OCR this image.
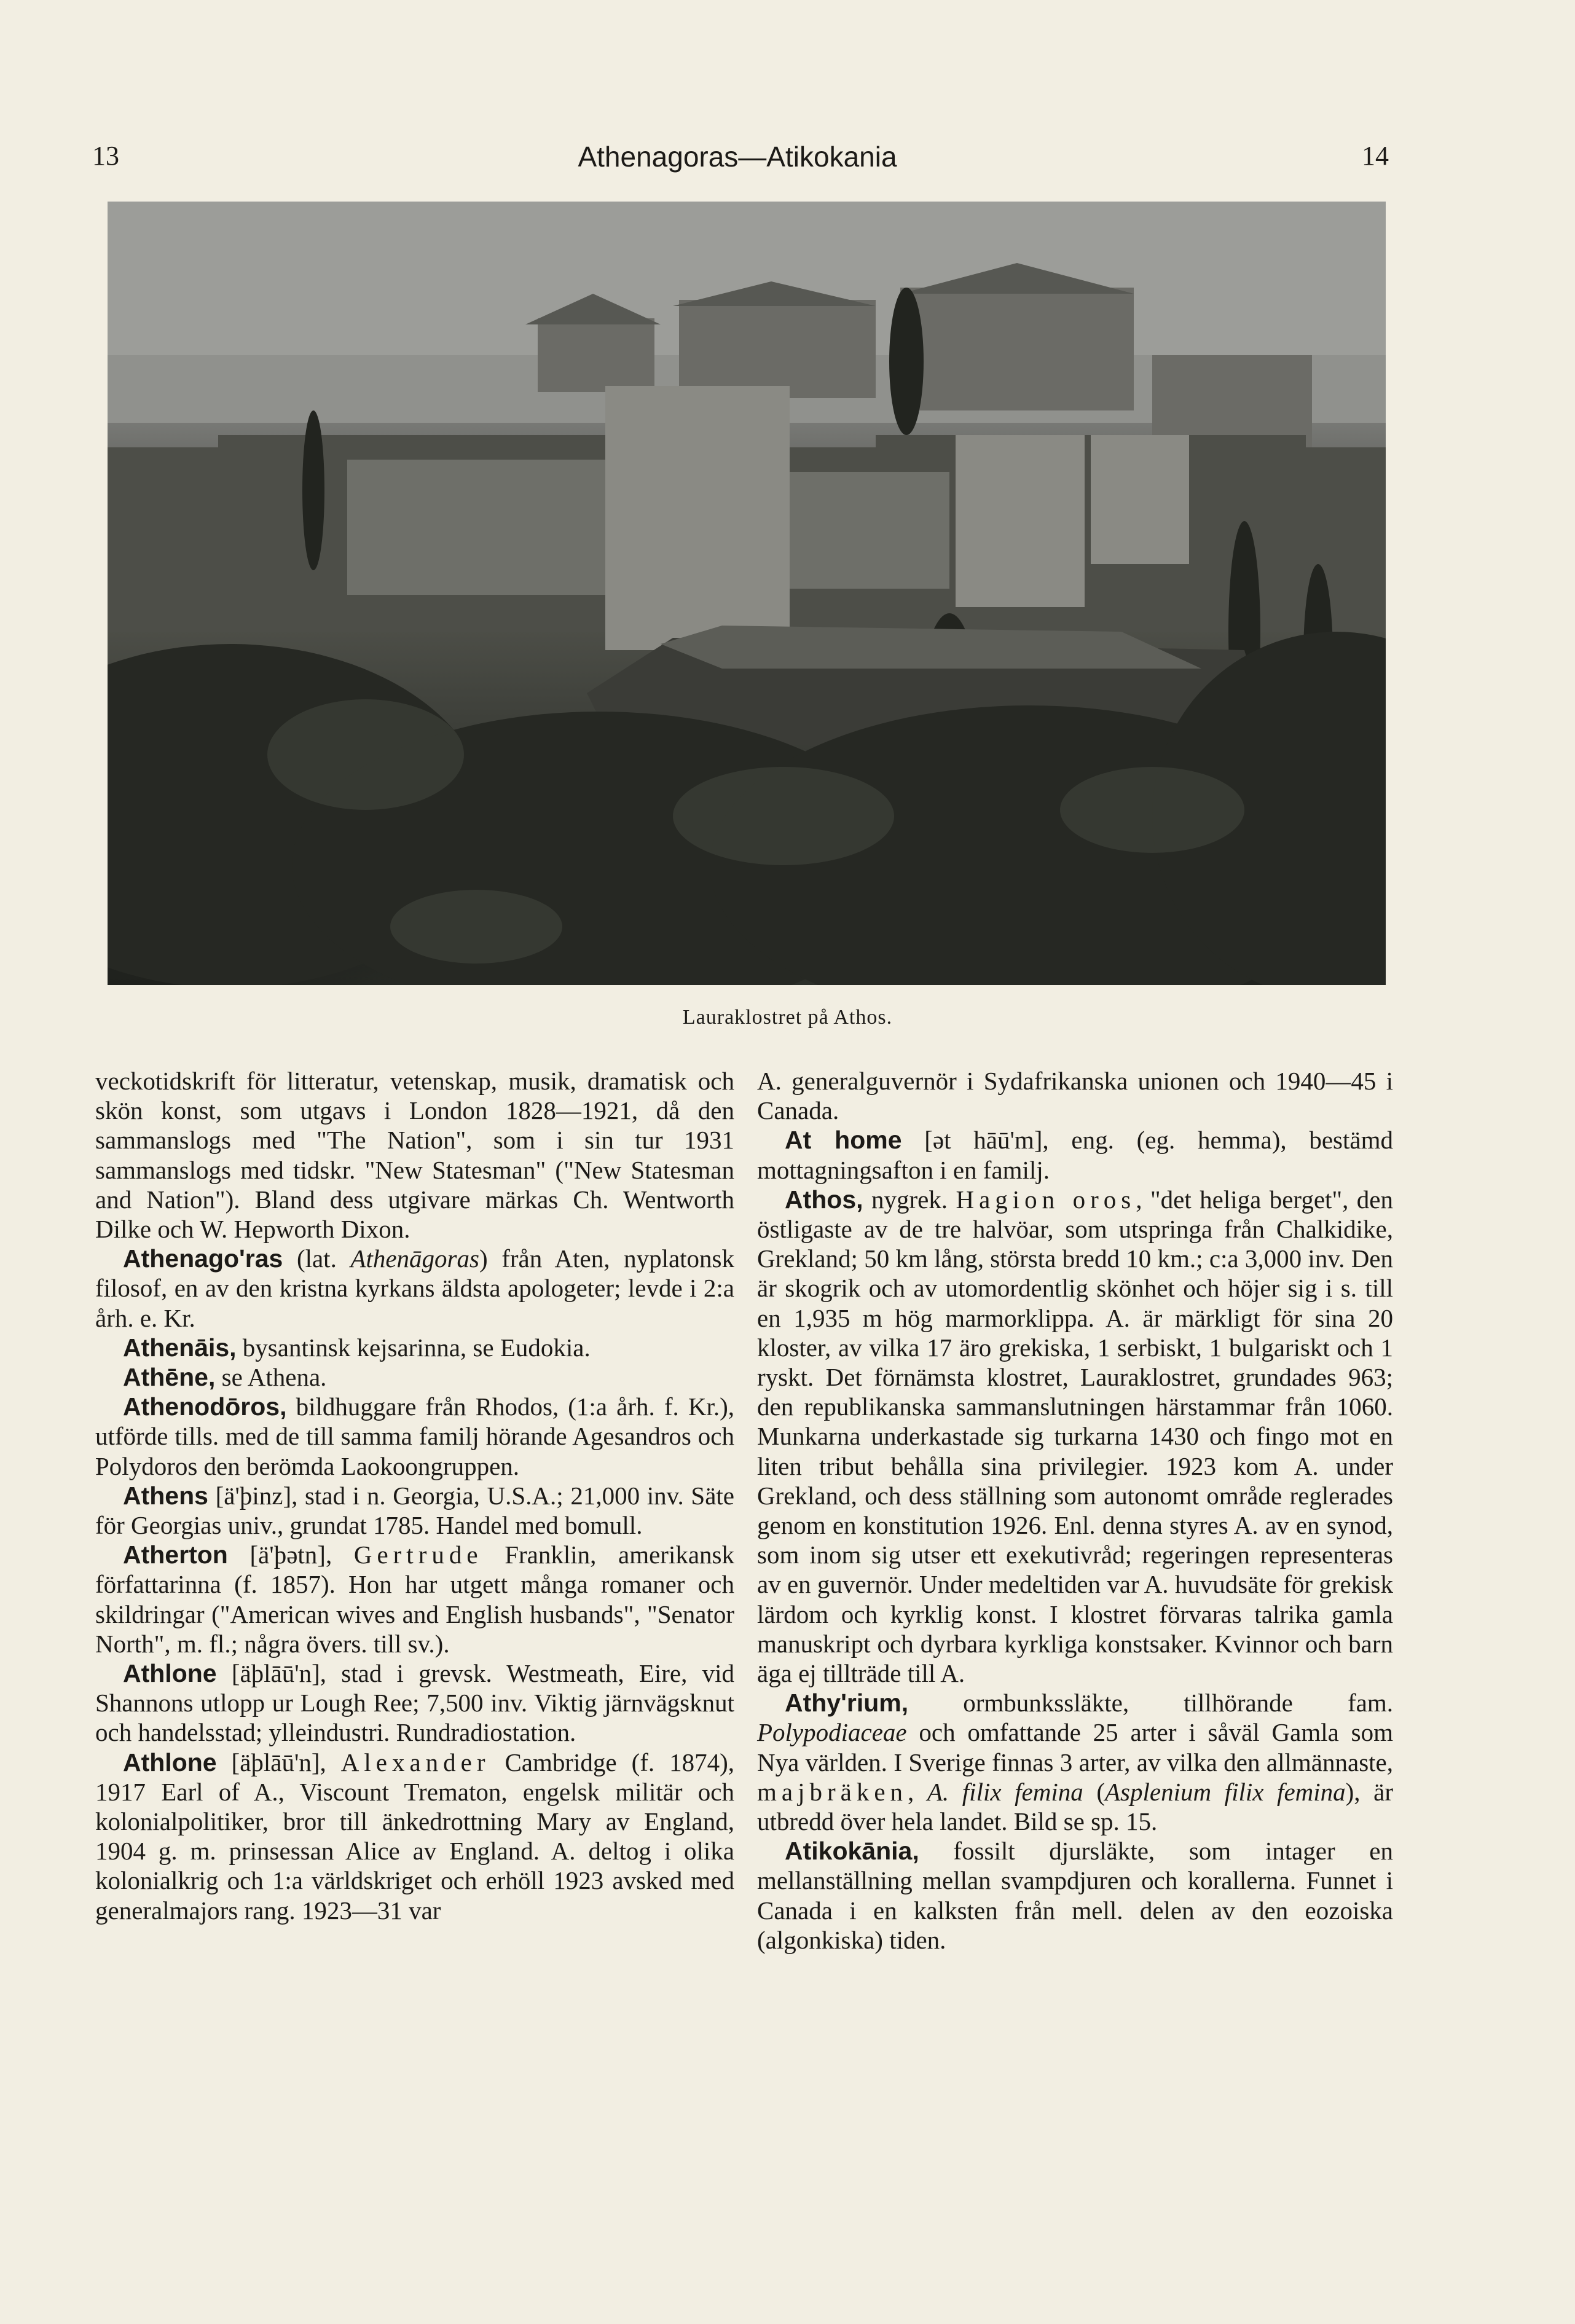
13	Athenagoras—Atikokania	14
Lauraklostret på Athos.

veckotidskrift för litteratur, vetenskap, musik, dramatisk och skön konst, som utgavs i London 1828—1921, då den sammanslogs med "The Nation", som i sin tur 1931 sammanslogs med tidskr. "New Statesman" ("New Statesman and Nation"). Bland dess utgivare märkas Ch. Wentworth Dilke och W. Hepworth Dixon.

Athenago'ras (lat. Athenāgoras) från Aten, nyplatonsk filosof, en av den kristna kyrkans äldsta apologeter; levde i 2:a årh. e. Kr.

Athenāis, bysantinsk kejsarinna, se Eudokia.

Athēne, se Athena.

Athenodōros, bildhuggare från Rhodos, (1:a årh. f. Kr.), utförde tills. med de till samma familj hörande Agesandros och Polydoros den berömda Laokoongruppen.

Athens [ä'þinz], stad i n. Georgia, U.S.A.; 21,000 inv. Säte för Georgias univ., grundat 1785. Handel med bomull.

Atherton [ä'þətn], Gertrude Franklin, amerikansk författarinna (f. 1857). Hon har utgett många romaner och skildringar ("American wives and English husbands", "Senator North", m. fl.; några övers. till sv.).

Athlone [äþlāū'n], stad i grevsk. Westmeath, Eire, vid Shannons utlopp ur Lough Ree; 7,500 inv. Viktig järnvägsknut och handelsstad; ylleindustri. Rundradiostation.

Athlone [äþlāū'n], Alexander Cambridge (f. 1874), 1917 Earl of A., Viscount Trematon, engelsk militär och kolonialpolitiker, bror till änkedrottning Mary av England, 1904 g. m. prinsessan Alice av England. A. deltog i olika kolonialkrig och 1:a världskriget och erhöll 1923 avsked med generalmajors rang. 1923—31 var

A. generalguvernör i Sydafrikanska unionen och 1940—45 i Canada.

At home [ət hāū'm], eng. (eg. hemma), bestämd mottagningsafton i en familj.

Athos, nygrek. Hagion oros, "det heliga berget", den östligaste av de tre halvöar, som utspringa från Chalkidike, Grekland; 50 km lång, största bredd 10 km.; c:a 3,000 inv. Den är skogrik och av utomordentlig skönhet och höjer sig i s. till en 1,935 m hög marmorklippa. A. är märkligt för sina 20 kloster, av vilka 17 äro grekiska, 1 serbiskt, 1 bulgariskt och 1 ryskt. Det förnämsta klostret, Lauraklostret, grundades 963; den republikanska sammanslutningen härstammar från 1060. Munkarna underkastade sig turkarna 1430 och fingo mot en liten tribut behålla sina privilegier. 1923 kom A. under Grekland, och dess ställning som autonomt område reglerades genom en konstitution 1926. Enl. denna styres A. av en synod, som inom sig utser ett exekutivråd; regeringen representeras av en guvernör. Under medeltiden var A. huvudsäte för grekisk lärdom och kyrklig konst. I klostret förvaras talrika gamla manuskript och dyrbara kyrkliga konstsaker. Kvinnor och barn äga ej tillträde till A.

Athy'rium, ormbunkssläkte, tillhörande fam. Polypodiaceae och omfattande 25 arter i såväl Gamla som Nya världen. I Sverige finnas 3 arter, av vilka den allmännaste, majbräken, A. filix femina (Asplenium filix femina), är utbredd över hela landet. Bild se sp. 15.

Atikokānia, fossilt djursläkte, som intager en mellanställning mellan svampdjuren och korallerna. Funnet i Canada i en kalksten från mell. delen av den eozoiska (algonkiska) tiden.
